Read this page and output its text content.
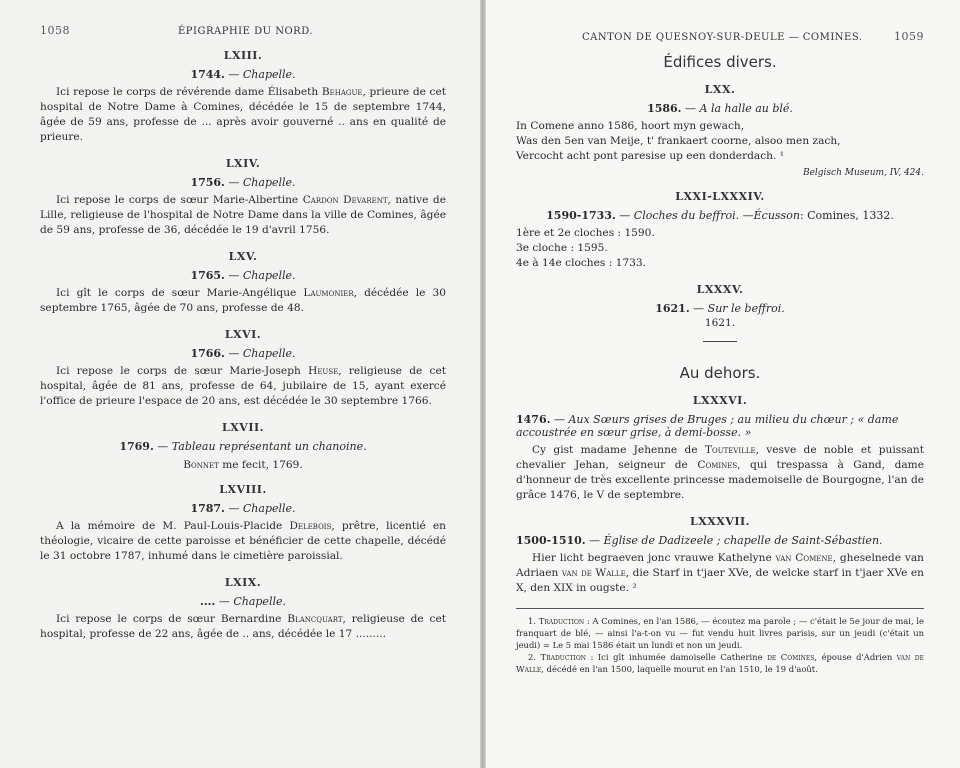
1058	ÉPIGRAPHIE DU NORD.
LXIII.
1744. — Chapelle.
Ici repose le corps de révérende dame Élisabeth Behague, prieure de cet hospital de Notre Dame à Comines, décédée le 15 de septembre 1744, âgée de 59 ans, professe de ... après avoir gouverné .. ans en qualité de prieure.
LXIV.
1756. — Chapelle.
Ici repose le corps de sœur Marie-Albertine Cardon Devarent, native de Lille, religieuse de l'hospital de Notre Dame dans la ville de Comines, âgée de 59 ans, professe de 36, décédée le 19 d'avril 1756.
LXV.
1765. — Chapelle.
Ici gît le corps de sœur Marie-Angélique Laumonier, décédée le 30 septembre 1765, âgée de 70 ans, professe de 48.
LXVI.
1766. — Chapelle.
Ici repose le corps de sœur Marie-Joseph Heuse, religieuse de cet hospital, âgée de 81 ans, professe de 64, jubilaire de 15, ayant exercé l'office de prieure l'espace de 20 ans, est décédée le 30 septembre 1766.
LXVII.
1769. — Tableau représentant un chanoine.
Bonnet me fecit, 1769.
LXVIII.
1787. — Chapelle.
A la mémoire de M. Paul-Louis-Placide Delebois, prêtre, licentié en théologie, vicaire de cette paroisse et bénéficier de cette chapelle, décédé le 31 octobre 1787, inhumé dans le cimetière paroissial.
LXIX.
.... — Chapelle.
Ici repose le corps de sœur Bernardine Blancquart, religieuse de cet hospital, professe de 22 ans, âgée de .. ans, décédée le 17 .........
CANTON DE QUESNOY-SUR-DEULE — COMINES.	1059
Édifices divers.
LXX.
1586. — A la halle au blé.
In Comene anno 1586, hoort myn gewach,
Was den 5en van Meije, t' frankaert coorne, alsoo men zach,
Vercocht acht pont paresise up een donderdach. ¹
Belgisch Museum, IV, 424.
LXXI-LXXXIV.
1590-1733. — Cloches du beffroi. —Écusson: Comines, 1332.
1ère et 2e cloches : 1590.
3e cloche : 1595.
4e à 14e cloches : 1733.
LXXXV.
1621. — Sur le beffroi.
1621.
Au dehors.
LXXXVI.
1476. — Aux Sœurs grises de Bruges ; au milieu du chœur ; « dame accoustrée en sœur grise, à demi-bosse. »
Cy gist madame Jehenne de Touteville, vesve de noble et puissant chevalier Jehan, seigneur de Comines, qui trespassa à Gand, dame d'honneur de très excellente princesse mademoiselle de Bourgogne, l'an de grâce 1476, le V de septembre.
LXXXVII.
1500-1510. — Église de Dadizeele ; chapelle de Saint-Sébastien.
Hier licht begraeven jonc vrauwe Kathelyne van Comene, gheselnede van Adriaen van de Walle, die Starf in t'jaer XVe, de welcke starf in t'jaer XVe en X, den XIX in ougste. ²
1. Traduction : A Comines, en l'an 1586, — écoutez ma parole ; — c'était le 5e jour de mai, le franquart de blé, — ainsi l'a-t-on vu — fut vendu huit livres parisis, sur un jeudi (c'était un jeudi) = Le 5 mai 1586 était un lundi et non un jeudi.
2. Traduction : Ici gît inhumée damoiselle Catherine de Comines, épouse d'Adrien van de Walle, décédé en l'an 1500, laquelle mourut en l'an 1510, le 19 d'août.
